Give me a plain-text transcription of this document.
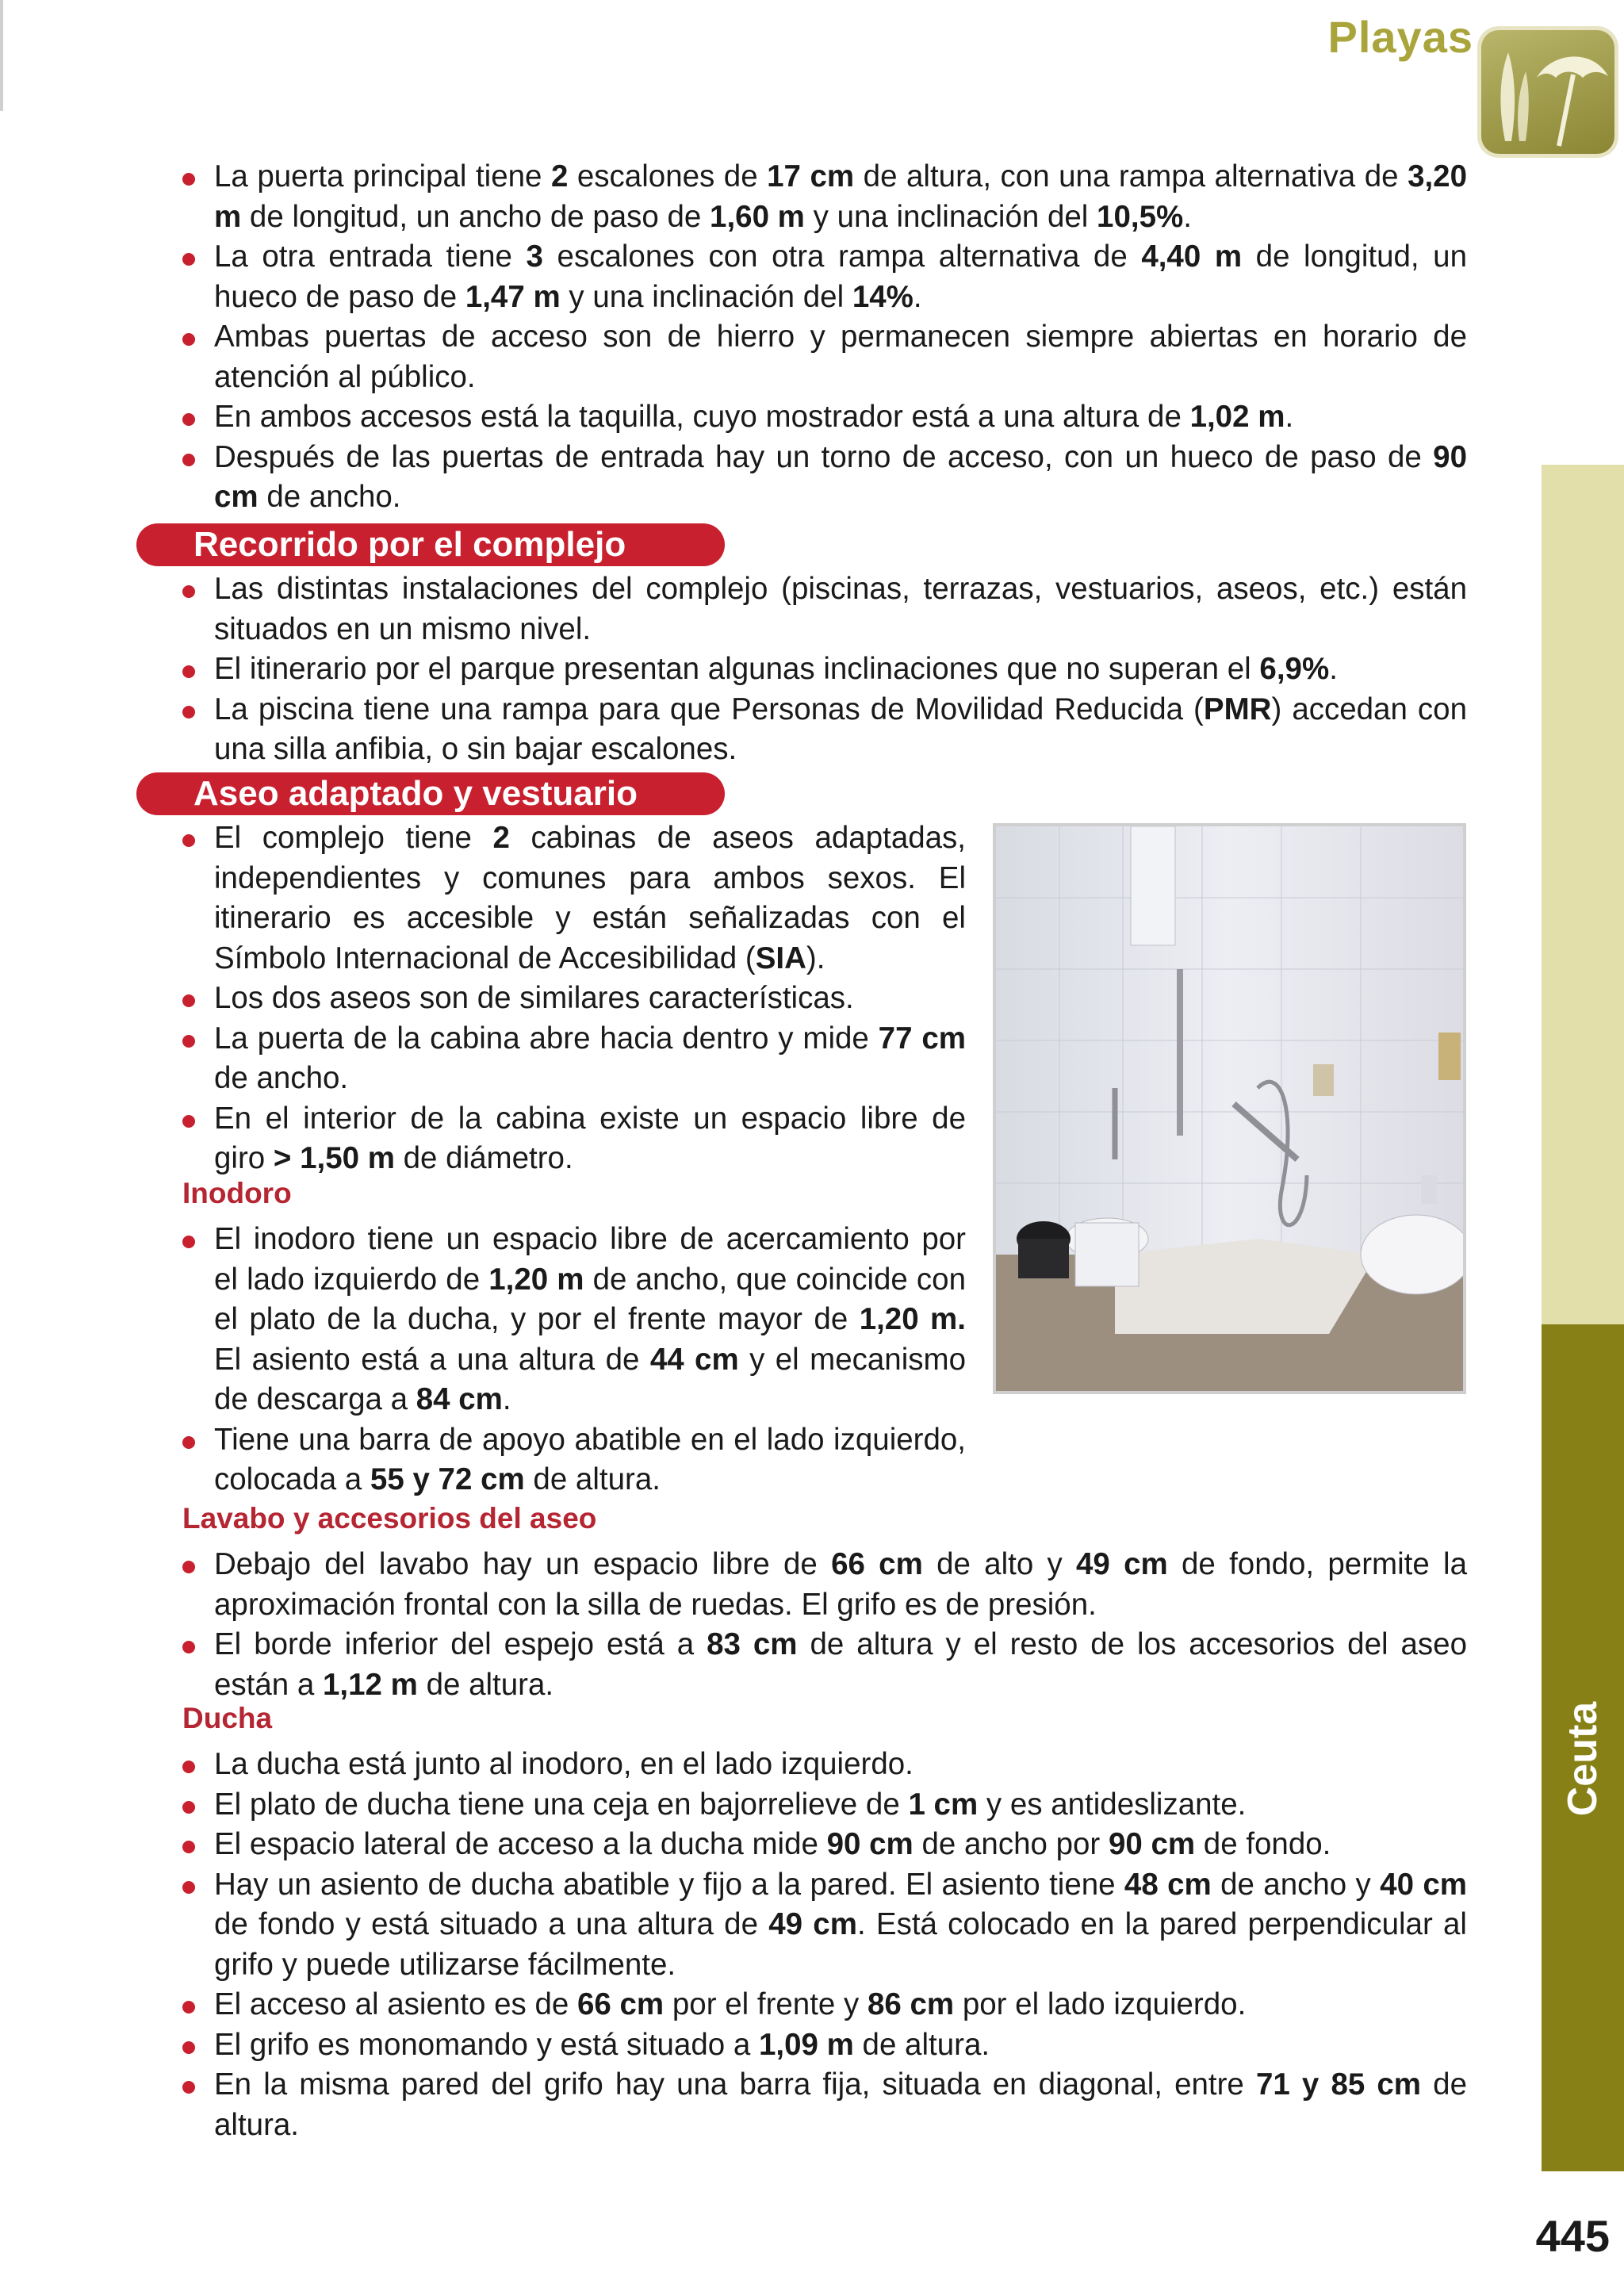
Playas
Ceuta
La puerta principal tiene 2 escalones de 17 cm de altura, con una rampa alternativa de 3,20 m de longitud, un ancho de paso de 1,60 m y una inclinación del 10,5%.
La otra entrada tiene 3 escalones con otra rampa alternativa de 4,40 m de longitud, un hueco de paso de 1,47 m y una inclinación del 14%.
Ambas puertas de acceso son de hierro y permanecen siempre abiertas en horario de atención al público.
En ambos accesos está la taquilla, cuyo mostrador está a una altura de 1,02 m.
Después de las puertas de entrada hay un torno de acceso, con un hueco de paso de 90 cm de ancho.
Recorrido por el complejo
Las distintas instalaciones del complejo (piscinas, terrazas, vestuarios, aseos, etc.) están situados en un mismo nivel.
El itinerario por el parque presentan algunas inclinaciones que no superan el 6,9%.
La piscina tiene una rampa para que Personas de Movilidad Reducida (PMR) accedan con una silla anfibia, o sin bajar escalones.
Aseo adaptado y vestuario
El complejo tiene 2 cabinas de aseos adaptadas, independientes y comunes para ambos sexos. El itinerario es accesible y están señalizadas con el Símbolo Internacional de Accesibilidad (SIA).
Los dos aseos son de similares características.
La puerta de la cabina abre hacia dentro y mide 77 cm de ancho.
En el interior de la cabina existe un espacio libre de giro > 1,50 m de diámetro.
Inodoro
El inodoro tiene un espacio libre de acercamiento por el lado izquierdo de 1,20 m de ancho, que coincide con el plato de la ducha, y por el frente mayor de 1,20 m. El asiento está a una altura de 44 cm y el mecanismo de descarga a 84 cm.
Tiene una barra de apoyo abatible en el lado izquierdo, colocada a 55 y 72 cm de altura.
Lavabo y accesorios del aseo
Debajo del lavabo hay un espacio libre de 66 cm de alto y 49 cm de fondo, permite la aproximación frontal con la silla de ruedas. El grifo es de presión.
El borde inferior del espejo está a 83 cm de altura y el resto de los accesorios del aseo están a 1,12 m de altura.
Ducha
La ducha está junto al inodoro, en el lado izquierdo.
El plato de ducha tiene una ceja en bajorrelieve de 1 cm y es antideslizante.
El espacio lateral de acceso a la ducha mide 90 cm de ancho por 90 cm de fondo.
Hay un asiento de ducha abatible y fijo a la pared. El asiento tiene 48 cm de ancho y 40 cm de fondo y está situado a una altura de 49 cm. Está colocado en la pared perpendicular al grifo y puede utilizarse fácilmente.
El acceso al asiento es de 66 cm por el frente y 86 cm por el lado izquierdo.
El grifo es monomando y está situado a 1,09 m de altura.
En la misma pared del grifo hay una barra fija, situada en diagonal, entre 71 y 85 cm de altura.
445
